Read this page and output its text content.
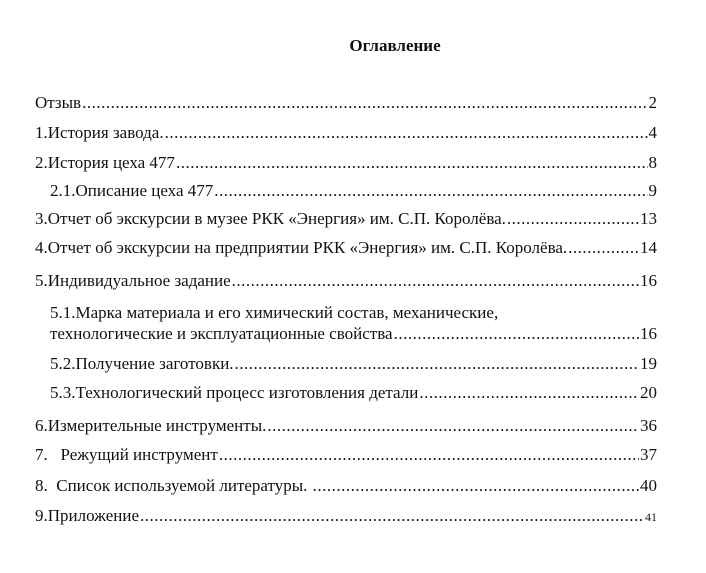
Оглавление
Отзыв .....	2
1.История завода. .....	4
2.История цеха 477 .....	8
2.1.Описание цеха 477 .....	9
3.Отчет об экскурсии в музее РКК «Энергия» им. С.П. Королёва. .....	13
4.Отчет об экскурсии на предприятии РКК «Энергия» им. С.П. Королёва. .....	14
5.Индивидуальное задание .....	16
5.1.Марка материала и его химический состав, механические,
технологические и эксплуатационные свойства .....	16
5.2.Получение заготовки. .....	19
5.3.Технологический процесс изготовления детали .....	20
6.Измерительные инструменты. .....	36
7.   Режущий инструмент .....	37
8.  Список используемой литературы. .....	40
9.Приложение .....	41
